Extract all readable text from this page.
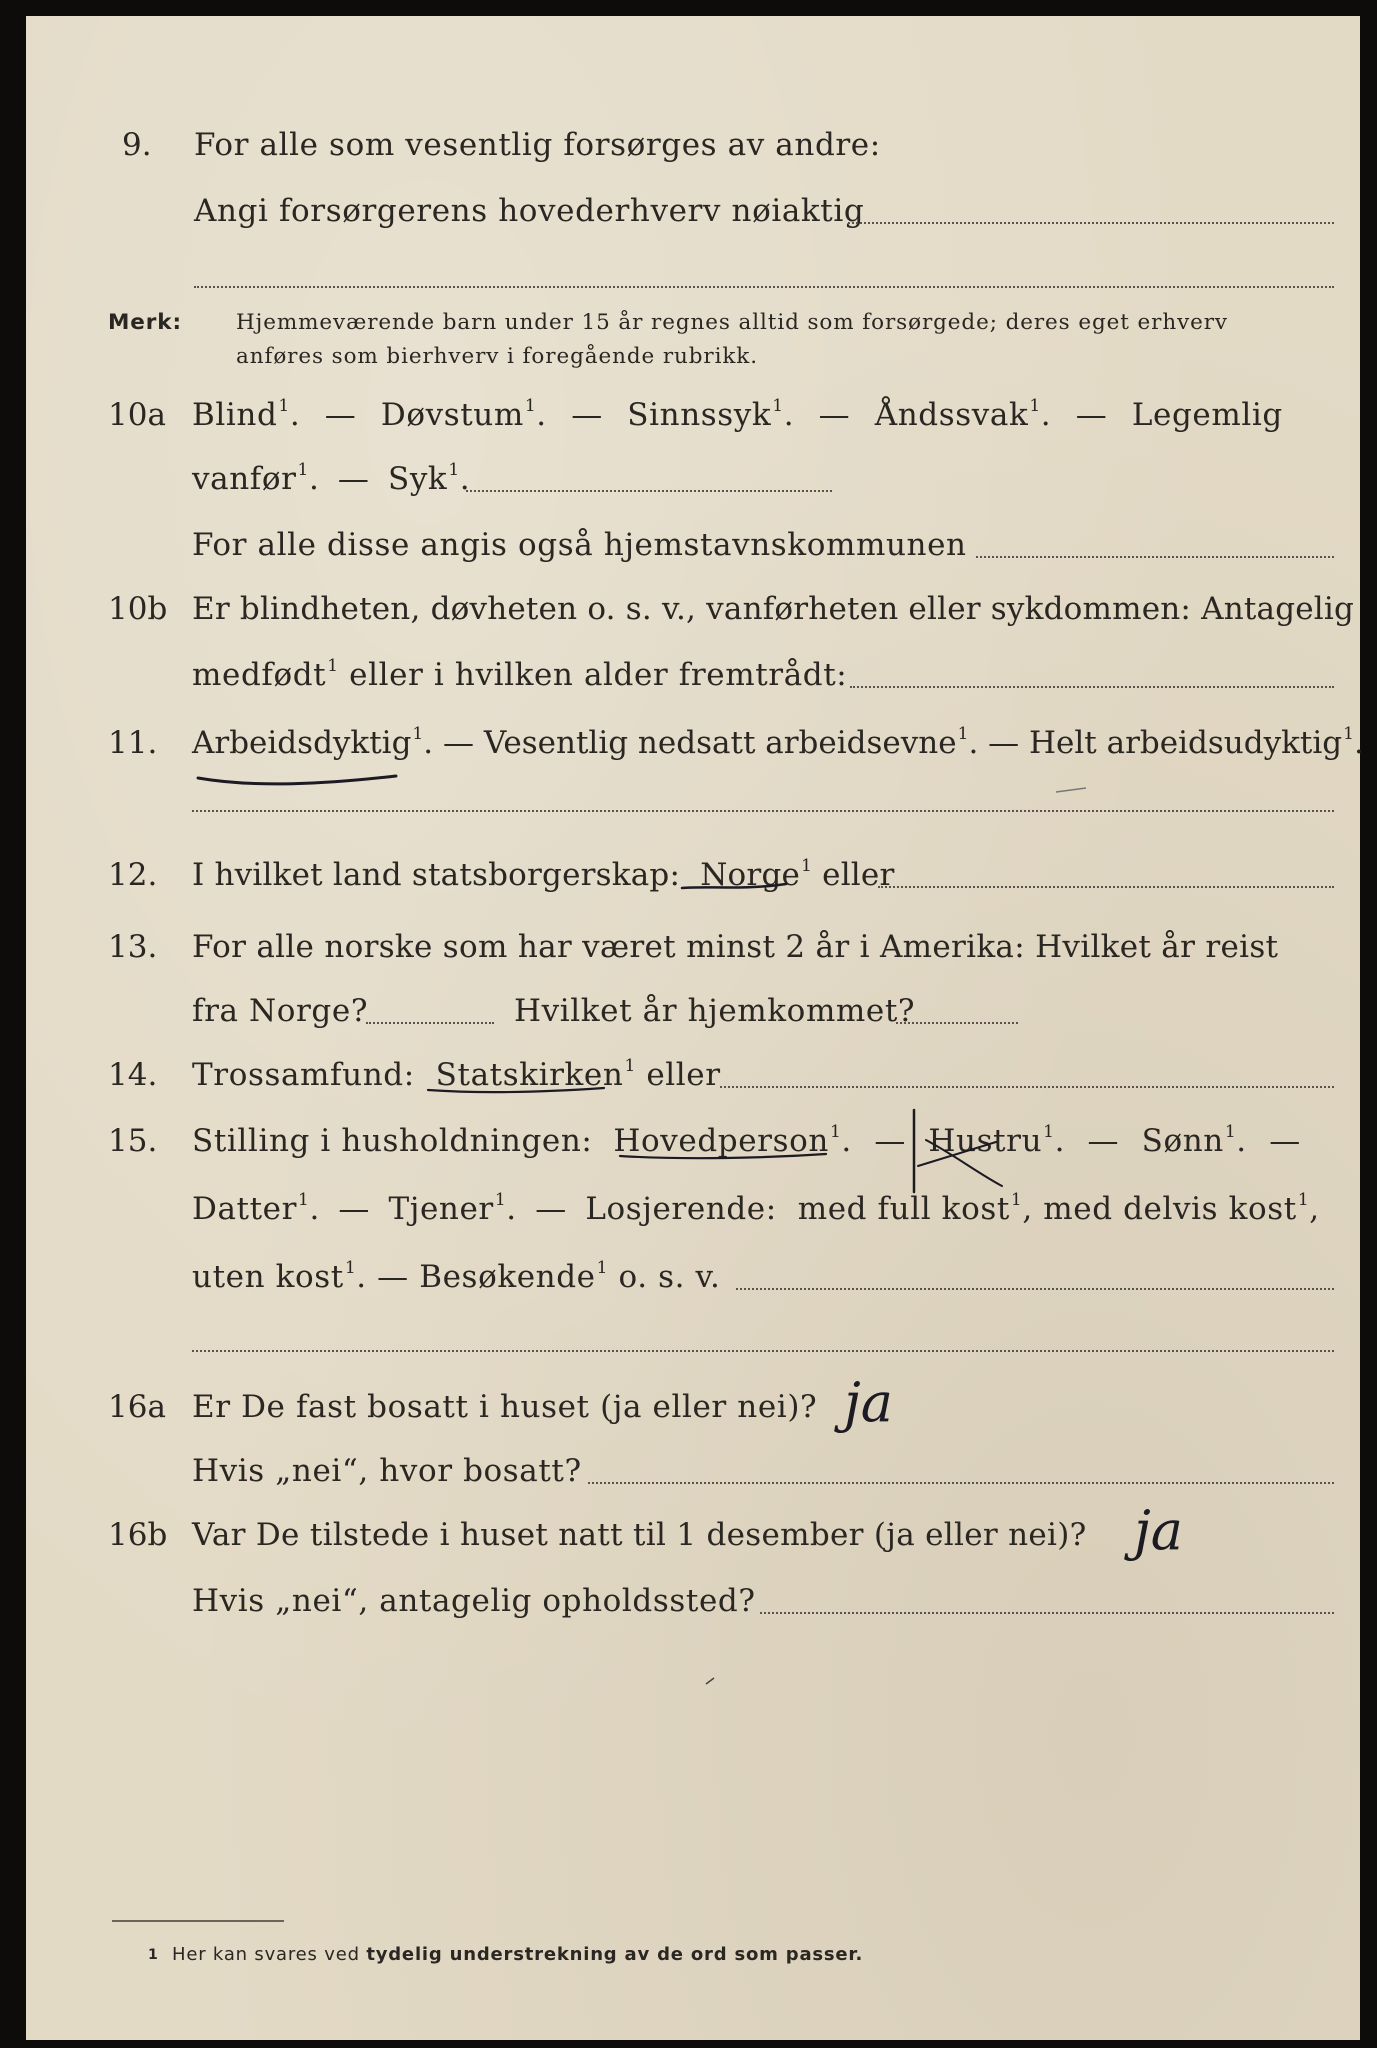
9. For alle som vesentlig forsørges av andre:
Angi forsørgerens hovederhverv nøiaktig
Merk:	Hjemmeværende barn under 15 år regnes alltid som forsørgede; deres eget erhverv
anføres som bierhverv i foregående rubrikk.
10a Blind$^1$. — Døvstum$^1$. — Sinnssyk$^1$. — Åndssvak$^1$. — Legemlig
vanfør$^1$. — Syk$^1$.
For alle disse angis også hjemstavnskommunen
10b Er blindheten, døvheten o. s. v., vanførheten eller sykdommen: Antagelig
medfødt$^1$ eller i hvilken alder fremtrådt:
11. Arbeidsdyktig$^1$. — Vesentlig nedsatt arbeidsevne$^1$. — Helt arbeidsudyktig$^1$.
12. I hvilket land statsborgerskap: Norge$^1$ eller
13. For alle norske som har været minst 2 år i Amerika: Hvilket år reist
fra Norge?	Hvilket år hjemkommet?
14. Trossamfund: Statskirken$^1$ eller
15. Stilling i husholdningen: Hovedperson$^1$. — Hustru$^1$. — Sønn$^1$. —
Datter$^1$. — Tjener$^1$. — Losjerende: med full kost$^1$, med delvis kost$^1$,
uten kost$^1$. — Besøkende$^1$ o. s. v.
16a Er De fast bosatt i huset (ja eller nei)? ja
Hvis „nei“, hvor bosatt?
16b Var De tilstede i huset natt til 1 desember (ja eller nei)? ja
Hvis „nei“, antagelig opholdssted?
1 Her kan svares ved tydelig understrekning av de ord som passer.
